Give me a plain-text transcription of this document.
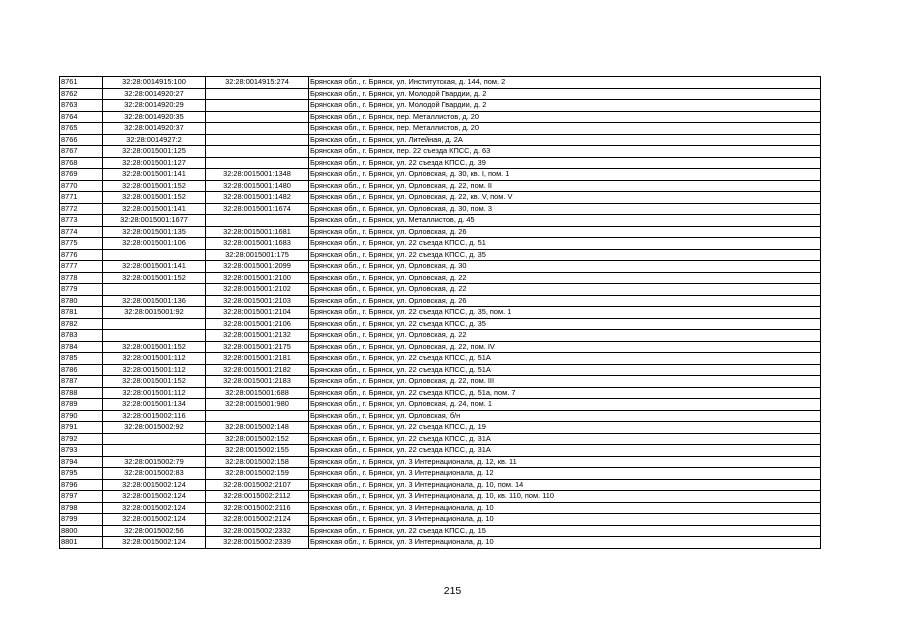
8761	32:28:0014915:100	32:28:0014915:274	Брянская обл., г. Брянск, ул. Институтская, д. 144, пом. 2
8762	32:28:0014920:27		Брянская обл., г. Брянск, ул. Молодой Гвардии, д. 2
8763	32:28:0014920:29		Брянская обл., г. Брянск, ул. Молодой Гвардии, д. 2
8764	32:28:0014920:35		Брянская обл., г. Брянск, пер. Металлистов, д. 20
8765	32:28:0014920:37		Брянская обл., г. Брянск, пер. Металлистов, д. 20
8766	32:28:0014927:2		Брянская обл., г. Брянск, ул. Литейная, д. 2А
8767	32:28:0015001:125		Брянская обл., г. Брянск, пер. 22 съезда КПСС, д. 63
8768	32:28:0015001:127		Брянская обл., г. Брянск, ул. 22 съезда КПСС, д. 39
8769	32:28:0015001:141	32:28:0015001:1348	Брянская обл., г. Брянск, ул. Орловская, д. 30, кв. I, пом. 1
8770	32:28:0015001:152	32:28:0015001:1480	Брянская обл., г. Брянск, ул. Орловская, д. 22, пом. II
8771	32:28:0015001:152	32:28:0015001:1482	Брянская обл., г. Брянск, ул. Орловская, д. 22, кв. V, пом. V
8772	32:28:0015001:141	32:28:0015001:1674	Брянская обл., г. Брянск, ул. Орловская, д. 30, пом. 3
8773	32:28:0015001:1677		Брянская обл., г. Брянск, ул. Металлистов, д. 45
8774	32:28:0015001:135	32:28:0015001:1681	Брянская обл., г. Брянск, ул. Орловская, д. 26
8775	32:28:0015001:106	32:28:0015001:1683	Брянская обл., г. Брянск, ул. 22 съезда КПСС, д. 51
8776		32:28:0015001:175	Брянская обл., г. Брянск, ул. 22 съезда КПСС, д. 35
8777	32:28:0015001:141	32:28:0015001:2099	Брянская обл., г. Брянск, ул. Орловская, д. 30
8778	32:28:0015001:152	32:28:0015001:2100	Брянская обл., г. Брянск, ул. Орловская, д. 22
8779		32:28:0015001:2102	Брянская обл., г. Брянск, ул. Орловская, д. 22
8780	32:28:0015001:136	32:28:0015001:2103	Брянская обл., г. Брянск, ул. Орловская, д. 26
8781	32:28:0015001:92	32:28:0015001:2104	Брянская обл., г. Брянск, ул. 22 съезда КПСС, д. 35, пом. 1
8782		32:28:0015001:2106	Брянская обл., г. Брянск, ул. 22 съезда КПСС, д. 35
8783		32:28:0015001:2132	Брянская обл., г. Брянск, ул. Орловская, д. 22
8784	32:28:0015001:152	32:28:0015001:2175	Брянская обл., г. Брянск, ул. Орловская, д. 22, пом. IV
8785	32:28:0015001:112	32:28:0015001:2181	Брянская обл., г. Брянск, ул. 22 съезда КПСС, д. 51А
8786	32:28:0015001:112	32:28:0015001:2182	Брянская обл., г. Брянск, ул. 22 съезда КПСС, д. 51А
8787	32:28:0015001:152	32:28:0015001:2183	Брянская обл., г. Брянск, ул. Орловская, д. 22, пом. III
8788	32:28:0015001:112	32:28:0015001:688	Брянская обл., г. Брянск, ул. 22 съезда КПСС, д. 51а, пом. 7
8789	32:28:0015001:134	32:28:0015001:980	Брянская обл., г. Брянск, ул. Орловская, д. 24, пом. 1
8790	32:28:0015002:116		Брянская обл., г. Брянск, ул. Орловская, б/н
8791	32:28:0015002:92	32:28:0015002:148	Брянская обл., г. Брянск, ул. 22 съезда КПСС, д. 19
8792		32:28:0015002:152	Брянская обл., г. Брянск, ул. 22 съезда КПСС, д. 31А
8793		32:28:0015002:155	Брянская обл., г. Брянск, ул. 22 съезда КПСС, д. 31А
8794	32:28:0015002:79	32:28:0015002:158	Брянская обл., г. Брянск, ул. 3 Интернационала, д. 12, кв. 11
8795	32:28:0015002:83	32:28:0015002:159	Брянская обл., г. Брянск, ул. 3 Интернационала, д. 12
8796	32:28:0015002:124	32:28:0015002:2107	Брянская обл., г. Брянск, ул. 3 Интернационала, д. 10, пом. 14
8797	32:28:0015002:124	32:28:0015002:2112	Брянская обл., г. Брянск, ул. 3 Интернационала, д. 10, кв. 110, пом. 110
8798	32:28:0015002:124	32:28:0015002:2116	Брянская обл., г. Брянск, ул. 3 Интернационала, д. 10
8799	32:28:0015002:124	32:28:0015002:2124	Брянская обл., г. Брянск, ул. 3 Интернационала, д. 10
8800	32:28:0015002:56	32:28:0015002:2332	Брянская обл., г. Брянск, ул. 22 съезда КПСС, д. 15
8801	32:28:0015002:124	32:28:0015002:2339	Брянская обл., г. Брянск, ул. 3 Интернационала, д. 10
215
